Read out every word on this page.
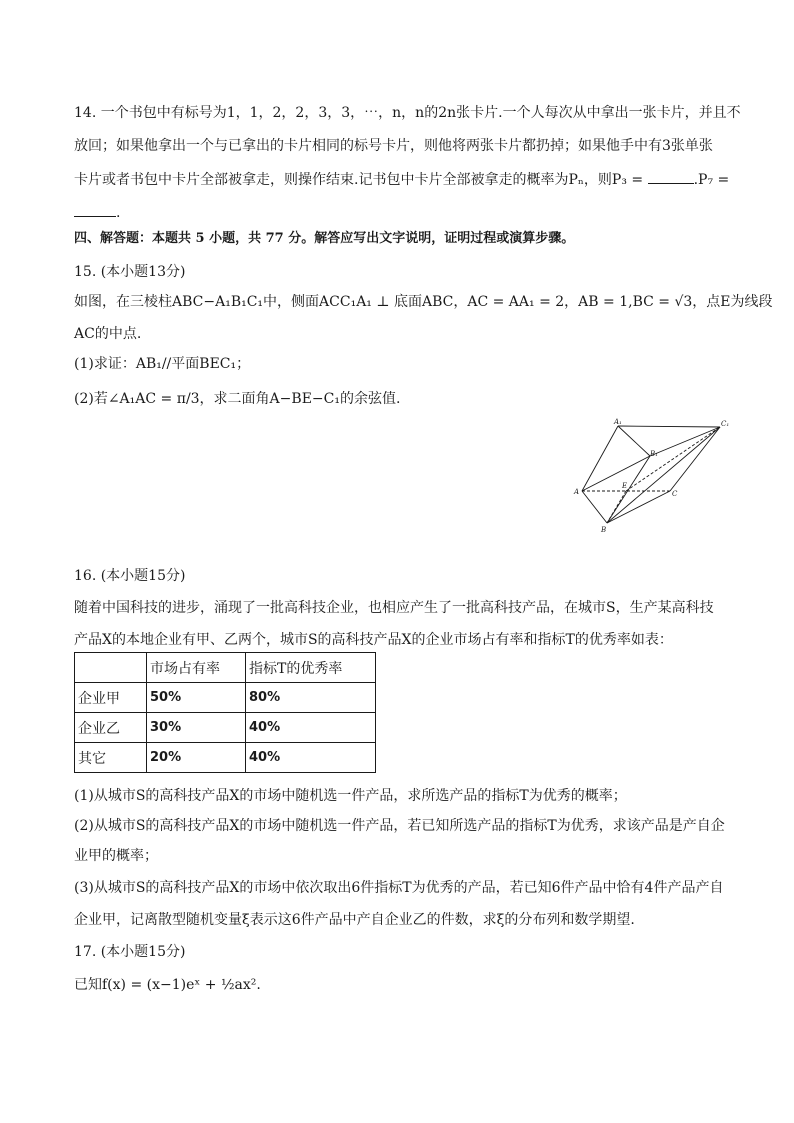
14. 一个书包中有标号为1，1，2，2，3，3，⋯，n，n的2n张卡片.一个人每次从中拿出一张卡片，并且不
放回；如果他拿出一个与已拿出的卡片相同的标号卡片，则他将两张卡片都扔掉；如果他手中有3张单张
卡片或者书包中卡片全部被拿走，则操作结束.记书包中卡片全部被拿走的概率为Pₙ，则P₃ =	.P₇ =
.
四、解答题：本题共 5 小题，共 77 分。解答应写出文字说明，证明过程或演算步骤。
15. (本小题13分)
如图，在三棱柱ABC−A₁B₁C₁中，侧面ACC₁A₁ ⊥ 底面ABC，AC = AA₁ = 2，AB = 1,BC = √3，点E为线段
AC的中点.
(1)求证：AB₁//平面BEC₁；
(2)若∠A₁AC = π/3，求二面角A−BE−C₁的余弦值.
A₁	C₁
B₁
A
E
C
B
16. (本小题15分)
随着中国科技的进步，涌现了一批高科技企业，也相应产生了一批高科技产品，在城市S，生产某高科技
产品X的本地企业有甲、乙两个，城市S的高科技产品X的企业市场占有率和指标T的优秀率如表：
	市场占有率	指标T的优秀率
企业甲	50%	80%
企业乙	30%	40%
其它	20%	40%
(1)从城市S的高科技产品X的市场中随机选一件产品，求所选产品的指标T为优秀的概率；
(2)从城市S的高科技产品X的市场中随机选一件产品，若已知所选产品的指标T为优秀，求该产品是产自企
业甲的概率；
(3)从城市S的高科技产品X的市场中依次取出6件指标T为优秀的产品，若已知6件产品中恰有4件产品产自
企业甲，记离散型随机变量ξ表示这6件产品中产自企业乙的件数，求ξ的分布列和数学期望.
17. (本小题15分)
已知f(x) = (x−1)eˣ + ½ax².
